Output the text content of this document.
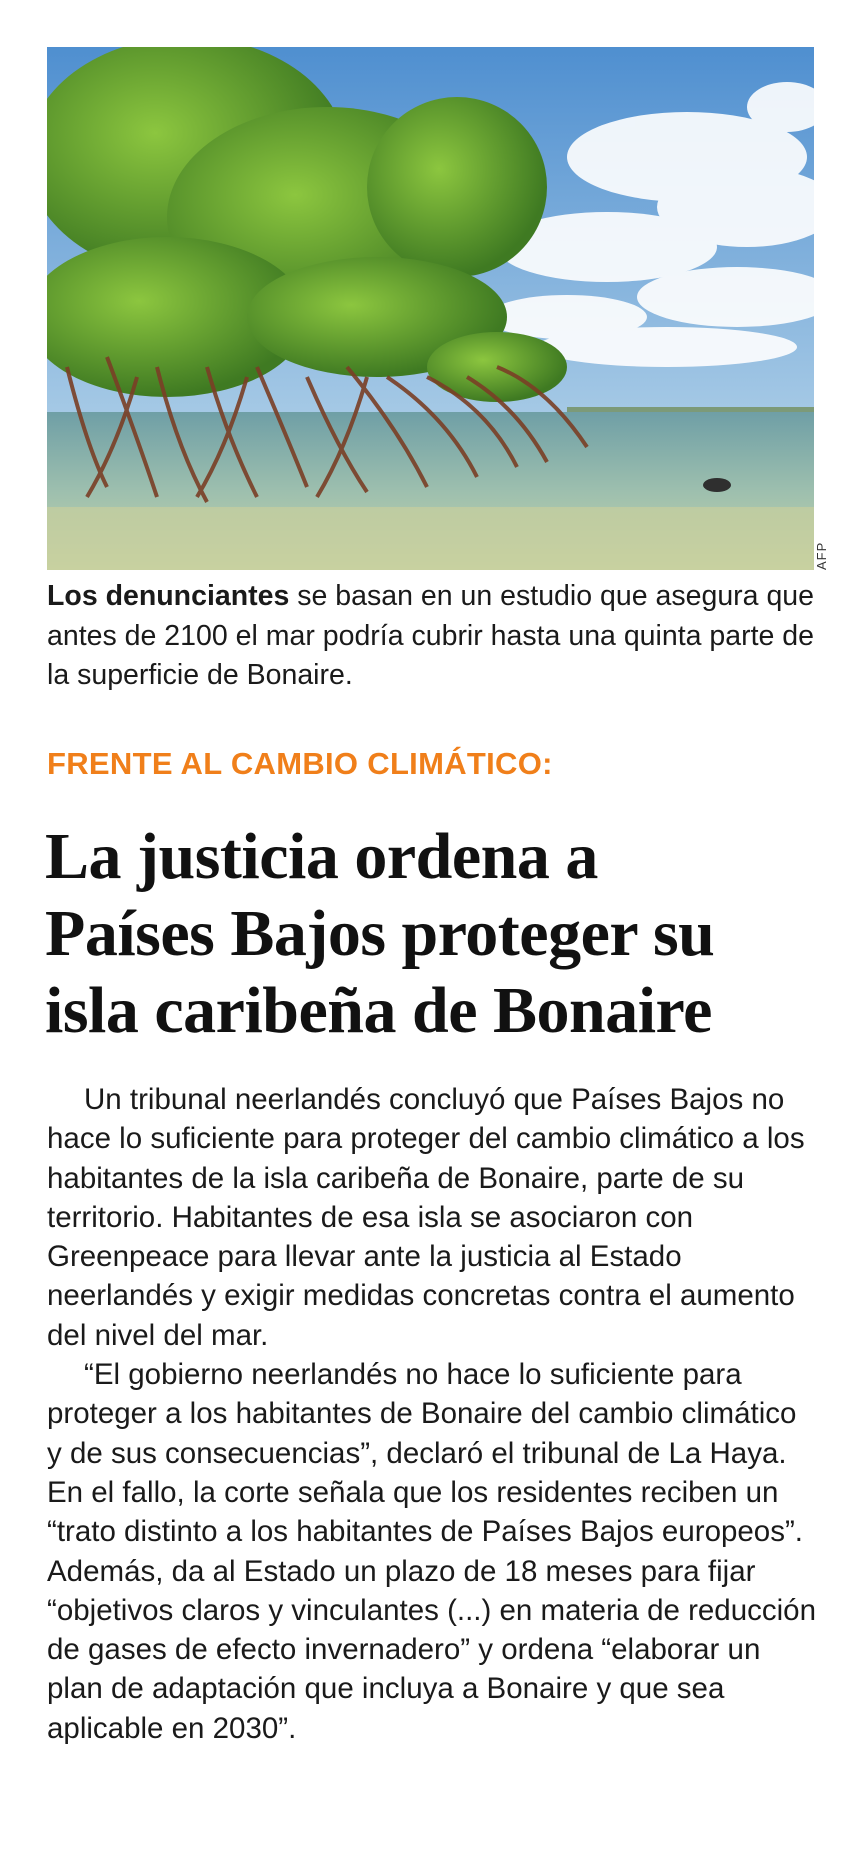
AFP
Los denunciantes se basan en un estudio que asegura que antes de 2100 el mar podría cubrir hasta una quinta parte de la superficie de Bonaire.
FRENTE AL CAMBIO CLIMÁTICO:
La justicia ordena a
Países Bajos proteger su
isla caribeña de Bonaire

Un tribunal neerlandés concluyó que Países Bajos no hace lo suficiente para proteger del cambio climático a los habitantes de la isla caribeña de Bonaire, parte de su territorio. Habitantes de esa isla se asociaron con Greenpeace para llevar ante la justicia al Estado neerlandés y exigir medidas concretas contra el aumento del nivel del mar.

“El gobierno neerlandés no hace lo suficiente para proteger a los habitantes de Bonaire del cambio climático y de sus consecuencias”, declaró el tribunal de La Haya. En el fallo, la corte señala que los residentes reciben un “trato distinto a los habitantes de Países Bajos europeos”. Además, da al Estado un plazo de 18 meses para fijar “objetivos claros y vinculantes (...) en materia de reducción de gases de efecto invernadero” y ordena “elaborar un plan de adaptación que incluya a Bonaire y que sea aplicable en 2030”.
